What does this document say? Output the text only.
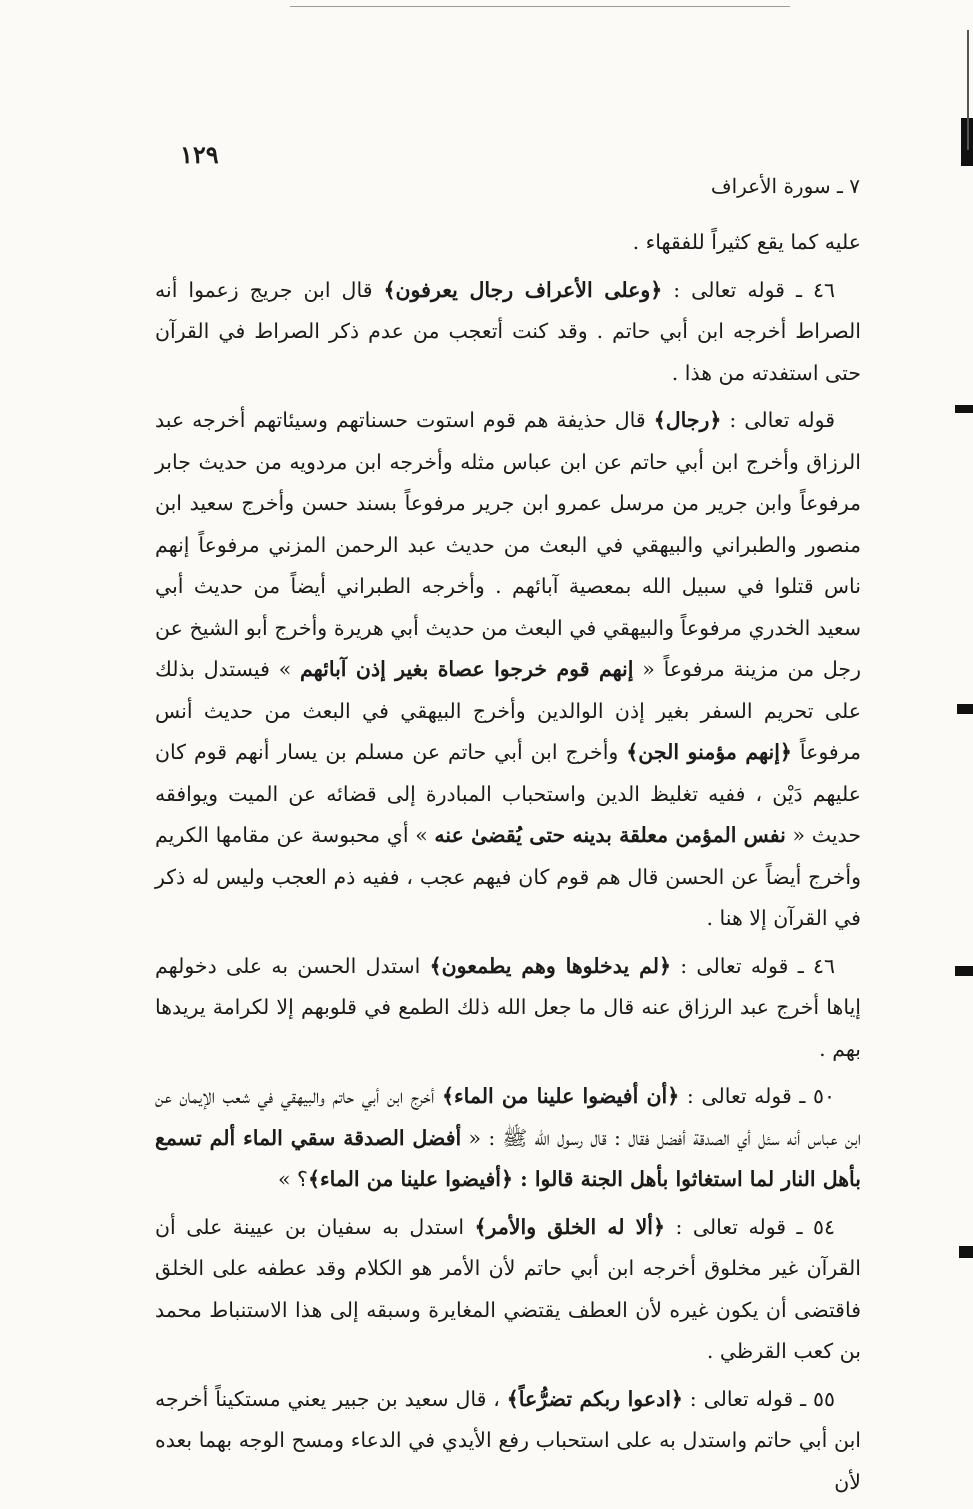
١٢٩
٧ ـ سورة الأعراف

عليه كما يقع كثيراً للفقهاء .

٤٦ ـ قوله تعالى : ﴿وعلى الأعراف رجال يعرفون﴾ قال ابن جريج زعموا أنه الصراط أخرجه ابن أبي حاتم . وقد كنت أتعجب من عدم ذكر الصراط في القرآن حتى استفدته من هذا .

قوله تعالى : ﴿رجال﴾ قال حذيفة هم قوم استوت حسناتهم وسيئاتهم أخرجه عبد الرزاق وأخرج ابن أبي حاتم عن ابن عباس مثله وأخرجه ابن مردويه من حديث جابر مرفوعاً وابن جرير من مرسل عمرو ابن جرير مرفوعاً بسند حسن وأخرج سعيد ابن منصور والطبراني والبيهقي في البعث من حديث عبد الرحمن المزني مرفوعاً إنهم ناس قتلوا في سبيل الله بمعصية آبائهم . وأخرجه الطبراني أيضاً من حديث أبي سعيد الخدري مرفوعاً والبيهقي في البعث من حديث أبي هريرة وأخرج أبو الشيخ عن رجل من مزينة مرفوعاً « إنهم قوم خرجوا عصاة بغير إذن آبائهم » فيستدل بذلك على تحريم السفر بغير إذن الوالدين وأخرج البيهقي في البعث من حديث أنس مرفوعاً ﴿إنهم مؤمنو الجن﴾ وأخرج ابن أبي حاتم عن مسلم بن يسار أنهم قوم كان عليهم دَيْن ، ففيه تغليظ الدين واستحباب المبادرة إلى قضائه عن الميت ويوافقه حديث « نفس المؤمن معلقة بدينه حتى يُقضىٰ عنه » أي محبوسة عن مقامها الكريم وأخرج أيضاً عن الحسن قال هم قوم كان فيهم عجب ، ففيه ذم العجب وليس له ذكر في القرآن إلا هنا .

٤٦ ـ قوله تعالى : ﴿لم يدخلوها وهم يطمعون﴾ استدل الحسن به على دخولهم إياها أخرج عبد الرزاق عنه قال ما جعل الله ذلك الطمع في قلوبهم إلا لكرامة يريدها بهم .

٥٠ ـ قوله تعالى : ﴿أن أفيضوا علينا من الماء﴾ أخرج ابن أبي حاتم والبيهقي في شعب الإيمان عن ابن عباس أنه سئل أي الصدقة أفضل فقال : قال رسول الله ﷺ : « أفضل الصدقة سقي الماء ألم تسمع بأهل النار لما استغاثوا بأهل الجنة قالوا : ﴿أفيضوا علينا من الماء﴾؟ »

٥٤ ـ قوله تعالى : ﴿ألا له الخلق والأمر﴾ استدل به سفيان بن عيينة على أن القرآن غير مخلوق أخرجه ابن أبي حاتم لأن الأمر هو الكلام وقد عطفه على الخلق فاقتضى أن يكون غيره لأن العطف يقتضي المغايرة وسبقه إلى هذا الاستنباط محمد بن كعب القرظي .

٥٥ ـ قوله تعالى : ﴿ادعوا ربكم تضرُّعاً﴾ ، قال سعيد بن جبير يعني مستكيناً أخرجه ابن أبي حاتم واستدل به على استحباب رفع الأيدي في الدعاء ومسح الوجه بهما بعده لأن
